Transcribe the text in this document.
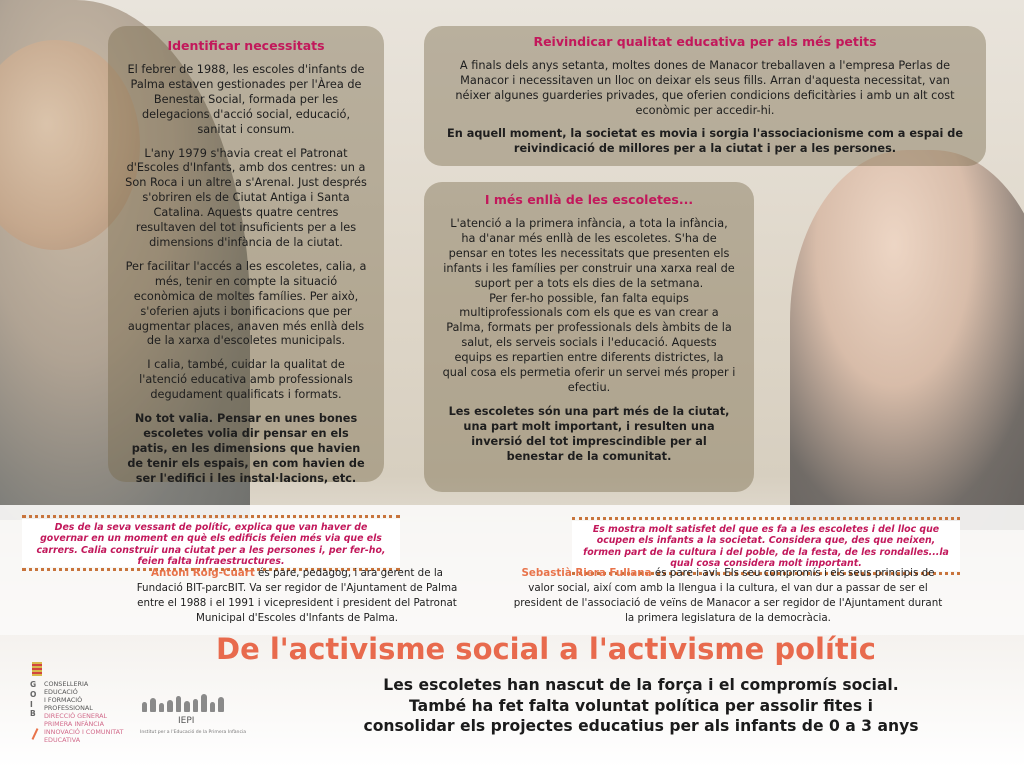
Identificar necessitats

El febrer de 1988, les escoles d'infants de Palma estaven gestionades per l'Àrea de Benestar Social, formada per les delegacions d'acció social, educació, sanitat i consum.

L'any 1979 s'havia creat el Patronat d'Escoles d'Infants, amb dos centres: un a Son Roca i un altre a s'Arenal. Just després s'obriren els de Ciutat Antiga i Santa Catalina. Aquests quatre centres resultaven del tot insuficients per a les dimensions d'infància de la ciutat.

Per facilitar l'accés a les escoletes, calia, a més, tenir en compte la situació econòmica de moltes famílies. Per això, s'oferien ajuts i bonificacions que per augmentar places, anaven més enllà dels de la xarxa d'escoletes municipals.

I calia, també, cuidar la qualitat de l'atenció educativa amb professionals degudament qualificats i formats.

No tot valia. Pensar en unes bones escoletes volia dir pensar en els patis, en les dimensions que havien de tenir els espais, en com havien de ser l'edifici i les instal·lacions, etc.

Reivindicar qualitat educativa per als més petits

A finals dels anys setanta, moltes dones de Manacor treballaven a l'empresa Perlas de Manacor i necessitaven un lloc on deixar els seus fills. Arran d'aquesta necessitat, van néixer algunes guarderies privades, que oferien condicions deficitàries i amb un alt cost econòmic per accedir-hi.

En aquell moment, la societat es movia i sorgia l'associacionisme com a espai de reivindicació de millores per a la ciutat i per a les persones.

I més enllà de les escoletes...

L'atenció a la primera infància, a tota la infància, ha d'anar més enllà de les escoletes. S'ha de pensar en totes les necessitats que presenten els infants i les famílies per construir una xarxa real de suport per a tots els dies de la setmana.

Per fer-ho possible, fan falta equips multiprofessionals com els que es van crear a Palma, formats per professionals dels àmbits de la salut, els serveis socials i l'educació. Aquests equips es repartien entre diferents districtes, la qual cosa els permetia oferir un servei més proper i efectiu.

Les escoletes són una part més de la ciutat, una part molt important, i resulten una inversió del tot imprescindible per al benestar de la comunitat.

Des de la seva vessant de polític, explica que van haver de governar en un moment en què els edificis feien més via que els carrers. Calia construir una ciutat per a les persones i, per fer-ho, feien falta infraestructures.
Es mostra molt satisfet del que es fa a les escoletes i del lloc que ocupen els infants a la societat. Considera que, des que neixen, formen part de la cultura i del poble, de la festa, de les rondalles...la qual cosa considera molt important.
Antoni Roig-Cuart és pare, pedagog, i ara gerent de la Fundació BIT-parcBIT. Va ser regidor de l'Ajuntament de Palma entre el 1988 i el 1991 i vicepresident i president del Patronat Municipal d'Escoles d'Infants de Palma.
Sebastià Riera Fullana és pare i avi. Els seu compromís i els seus principis de valor social, així com amb la llengua i la cultura, el van dur a passar de ser el president de l'associació de veïns de Manacor a ser regidor de l'Ajuntament durant la primera legislatura de la democràcia.
De l'activisme social a l'activisme polític
Les escoletes han nascut de la força i el compromís social.
També ha fet falta voluntat política per assolir fites i
consolidar els projectes educatius per als infants de 0 a 3 anys
G
O
I
B
CONSELLERIA
EDUCACIÓ
I FORMACIÓ
PROFESSIONAL
DIRECCIÓ GENERAL
PRIMERA INFÀNCIA
INNOVACIÓ I COMUNITAT
EDUCATIVA
IEPI
Institut per a l'Educació de la Primera Infància
